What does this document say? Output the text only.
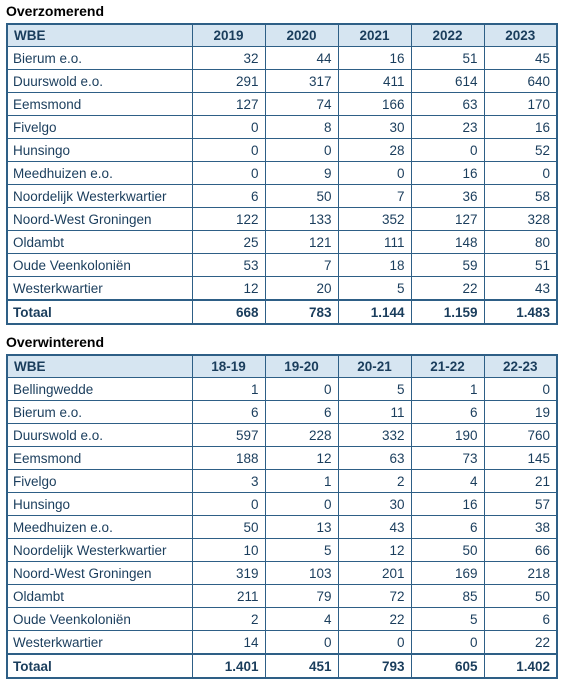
Overzomerend
WBE	2019	2020	2021	2022	2023
Bierum e.o.	32	44	16	51	45
Duurswold e.o.	291	317	411	614	640
Eemsmond	127	74	166	63	170
Fivelgo	0	8	30	23	16
Hunsingo	0	0	28	0	52
Meedhuizen e.o.	0	9	0	16	0
Noordelijk Westerkwartier	6	50	7	36	58
Noord-West Groningen	122	133	352	127	328
Oldambt	25	121	111	148	80
Oude Veenkoloniën	53	7	18	59	51
Westerkwartier	12	20	5	22	43
Totaal	668	783	1.144	1.159	1.483
Overwinterend
WBE	18-19	19-20	20-21	21-22	22-23
Bellingwedde	1	0	5	1	0
Bierum e.o.	6	6	11	6	19
Duurswold e.o.	597	228	332	190	760
Eemsmond	188	12	63	73	145
Fivelgo	3	1	2	4	21
Hunsingo	0	0	30	16	57
Meedhuizen e.o.	50	13	43	6	38
Noordelijk Westerkwartier	10	5	12	50	66
Noord-West Groningen	319	103	201	169	218
Oldambt	211	79	72	85	50
Oude Veenkoloniën	2	4	22	5	6
Westerkwartier	14	0	0	0	22
Totaal	1.401	451	793	605	1.402
